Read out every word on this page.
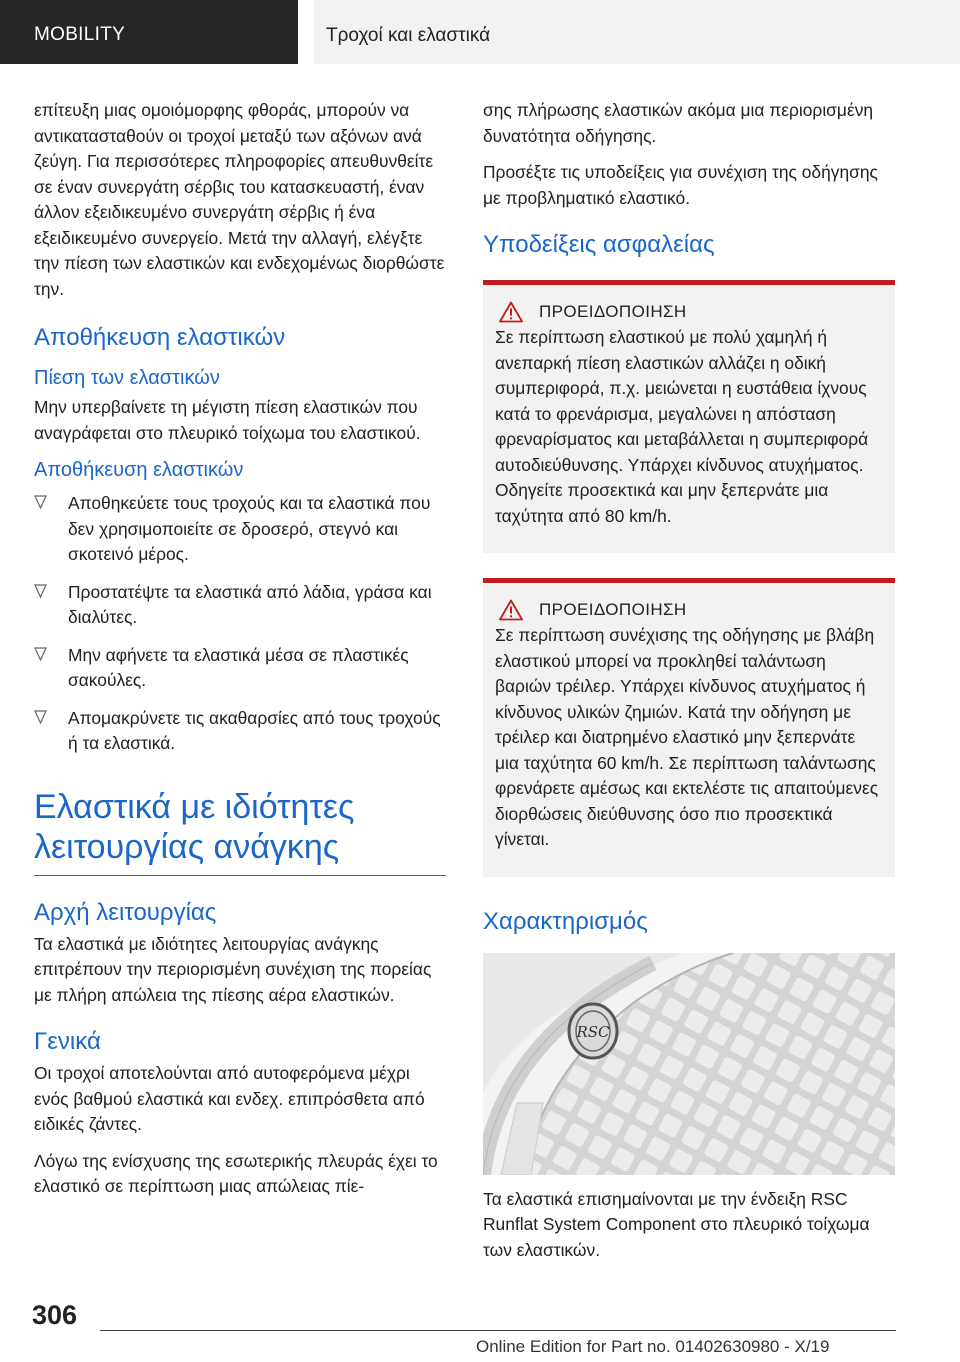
MOBILITY	Τροχοί και ελαστικά

επίτευξη μιας ομοιόμορφης φθοράς, μπορούν να αντικατασταθούν οι τροχοί μεταξύ των αξόνων ανά ζεύγη. Για περισσότερες πληροφορίες απευθυνθείτε σε έναν συνεργάτη σέρβις του κατασκευαστή, έναν άλλον εξειδικευμένο συνεργάτη σέρβις ή ένα εξειδικευμένο συνεργείο. Μετά την αλλαγή, ελέγξτε την πίεση των ελαστικών και ενδεχομένως διορθώστε την.

Αποθήκευση ελαστικών
Πίεση των ελαστικών

Μην υπερβαίνετε τη μέγιστη πίεση ελαστικών που αναγράφεται στο πλευρικό τοίχωμα του ελαστικού.

Αποθήκευση ελαστικών
Αποθηκεύετε τους τροχούς και τα ελαστικά που δεν χρησιμοποιείτε σε δροσερό, στεγνό και σκοτεινό μέρος.
Προστατέψτε τα ελαστικά από λάδια, γράσα και διαλύτες.
Μην αφήνετε τα ελαστικά μέσα σε πλαστικές σακούλες.
Απομακρύνετε τις ακαθαρσίες από τους τροχούς ή τα ελαστικά.
Ελαστικά με ιδιότητες
λειτουργίας ανάγκης
Αρχή λειτουργίας

Τα ελαστικά με ιδιότητες λειτουργίας ανάγκης επιτρέπουν την περιορισμένη συνέχιση της πορείας με πλήρη απώλεια της πίεσης αέρα ελαστικών.

Γενικά

Οι τροχοί αποτελούνται από αυτοφερόμενα μέχρι ενός βαθμού ελαστικά και ενδεχ. επιπρόσθετα από ειδικές ζάντες.

Λόγω της ενίσχυσης της εσωτερικής πλευράς έχει το ελαστικό σε περίπτωση μιας απώλειας πίε-

σης πλήρωσης ελαστικών ακόμα μια περιορισμένη δυνατότητα οδήγησης.

Προσέξτε τις υποδείξεις για συνέχιση της οδήγησης με προβληματικό ελαστικό.

Υποδείξεις ασφαλείας
ΠΡΟΕΙΔΟΠΟΙΗΣΗ

Σε περίπτωση ελαστικού με πολύ χαμηλή ή ανεπαρκή πίεση ελαστικών αλλάζει η οδική συμπεριφορά, π.χ. μειώνεται η ευστάθεια ίχνους κατά το φρενάρισμα, μεγαλώνει η απόσταση φρεναρίσματος και μεταβάλλεται η συμπεριφορά αυτοδιεύθυνσης. Υπάρχει κίνδυνος ατυχήματος. Οδηγείτε προσεκτικά και μην ξεπερνάτε μια ταχύτητα από 80 km/h.

ΠΡΟΕΙΔΟΠΟΙΗΣΗ

Σε περίπτωση συνέχισης της οδήγησης με βλάβη ελαστικού μπορεί να προκληθεί ταλάντωση βαριών τρέιλερ. Υπάρχει κίνδυνος ατυχήματος ή κίνδυνος υλικών ζημιών. Κατά την οδήγηση με τρέιλερ και διατρημένο ελαστικό μην ξεπερνάτε μια ταχύτητα 60 km/h. Σε περίπτωση ταλάντωσης φρενάρετε αμέσως και εκτελέστε τις απαιτούμενες διορθώσεις διεύθυνσης όσο πιο προσεκτικά γίνεται.

Χαρακτηρισμός
RSC

Τα ελαστικά επισημαίνονται με την ένδειξη RSC Runflat System Component στο πλευρικό τοίχωμα των ελαστικών.

306
Online Edition for Part no. 01402630980 - X/19
